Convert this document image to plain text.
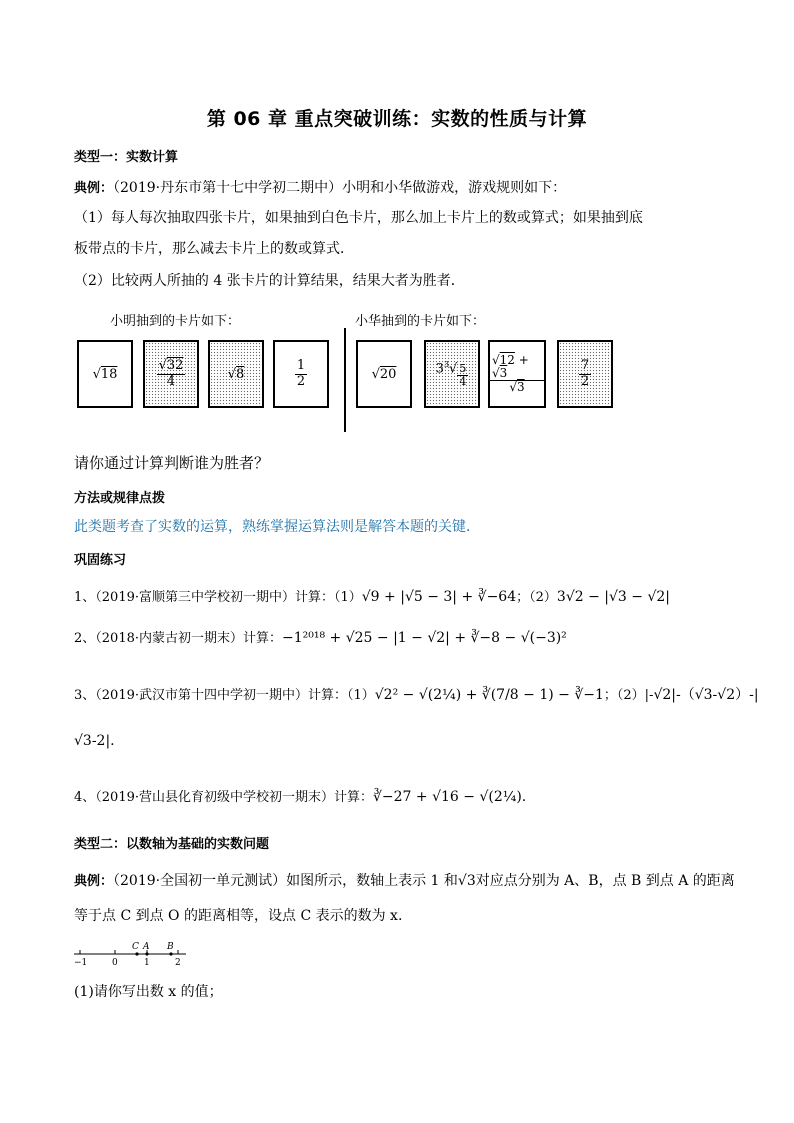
第 06 章 重点突破训练：实数的性质与计算
类型一：实数计算
典例：（2019·丹东市第十七中学初二期中）小明和小华做游戏，游戏规则如下：
（1）每人每次抽取四张卡片，如果抽到白色卡片，那么加上卡片上的数或算式；如果抽到底
板带点的卡片，那么减去卡片上的数或算式．
（2）比较两人所抽的 4 张卡片的计算结果，结果大者为胜者．
小明抽到的卡片如下：	小华抽到的卡片如下：
√18	$\frac{√32}{4}$	√8	$\frac{1}{2}$	√20	$3^3√ \frac{5}{4} \frac{√12 + √3}{√3}$	$\frac{7}{2}$
请你通过计算判断谁为胜者？
方法或规律点拨
此类题考查了实数的运算，熟练掌握运算法则是解答本题的关键．
巩固练习
1、（2019·富顺第三中学校初一期中）计算：（1）√9 + |√5 − 3| + ∛−64；（2）3√2 − |√3 − √2|
2、（2018·内蒙古初一期末）计算：−1²⁰¹⁸ + √25 − |1 − √2| + ∛−8 − √(−3)²
3、（2019·武汉市第十四中学初一期中）计算：（1）√2² − √(2¼) + ∛(7/8 − 1) − ∛−1；（2）|-√2|-（√3-√2）-|
√3-2|.
4、（2019·营山县化育初级中学校初一期末）计算：∛−27 + √16 − √(2¼).
类型二：以数轴为基础的实数问题
典例：（2019·全国初一单元测试）如图所示，数轴上表示 1 和√3对应点分别为 A、B，点 B 到点 A 的距离
等于点 C 到点 O 的距离相等，设点 C 表示的数为 x.
−1	0	1	2
C A B
(1)请你写出数 x 的值；
